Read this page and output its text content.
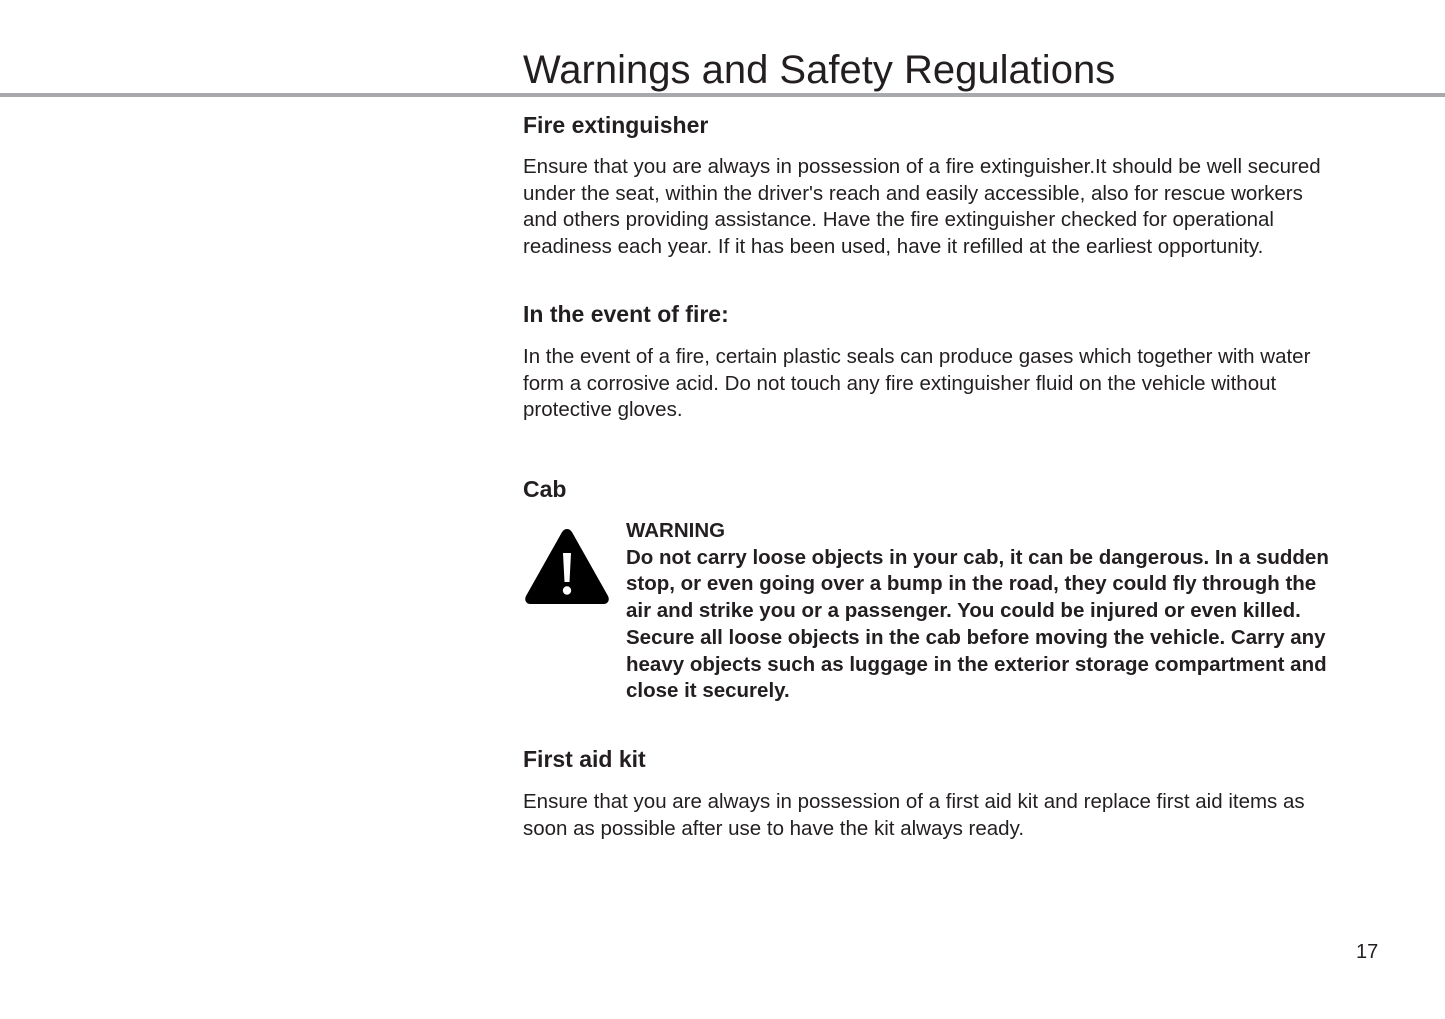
Warnings and Safety Regulations
Fire extinguisher

Ensure that you are always in possession of a fire extinguisher.It should be well secured under the seat, within the driver's reach and easily accessible, also for rescue workers and others providing assistance. Have the fire extinguisher checked for operational readiness each year. If it has been used, have it refilled at the earliest opportunity.

In the event of fire:

In the event of a fire, certain plastic seals can produce gases which together with water form a corrosive acid. Do not touch any fire extinguisher fluid on the vehicle without protective gloves.

Cab
WARNING
Do not carry loose objects in your cab, it can be dangerous. In a sudden stop, or even going over a bump in the road, they could fly through the air and strike you or a passenger. You could be injured or even killed. Secure all loose objects in the cab before moving the vehicle. Carry any heavy objects such as luggage in the exterior storage compartment and close it securely.
First aid kit

Ensure that you are always in possession of a first aid kit and replace first aid items as soon as possible after use to have the kit always ready.

17
